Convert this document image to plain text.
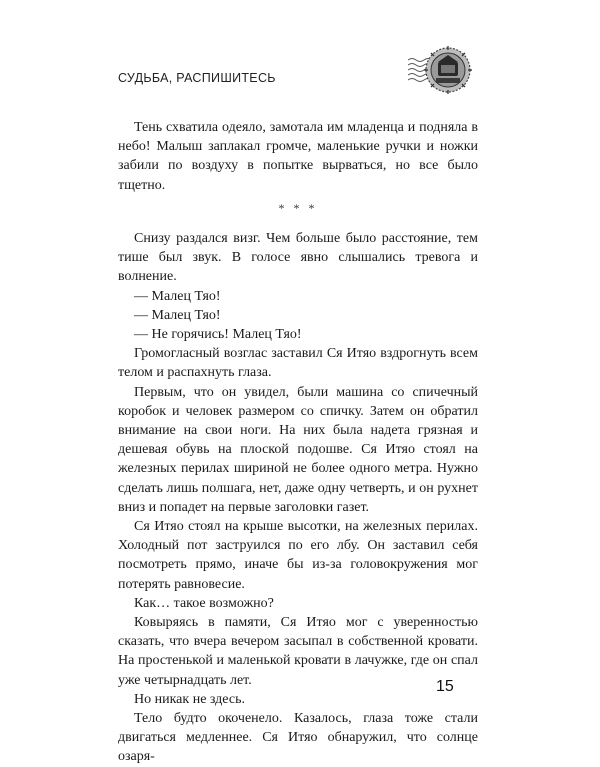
СУДЬБА, РАСПИШИТЕСЬ

Тень схватила одеяло, замотала им младенца и подняла в небо! Малыш заплакал громче, маленькие ручки и ножки забили по воздуху в попытке вырваться, но все было тщетно.

* * *

Снизу раздался визг. Чем больше было расстояние, тем тише был звук. В голосе явно слышались тревога и волнение.

— Малец Тяо!

— Малец Тяо!

— Не горячись! Малец Тяо!

Громогласный возглас заставил Ся Итяо вздрогнуть всем телом и распахнуть глаза.

Первым, что он увидел, были машина со спичечный коробок и человек размером со спичку. Затем он обратил внимание на свои ноги. На них была надета грязная и дешевая обувь на плоской подошве. Ся Итяо стоял на железных перилах шириной не более одного метра. Нужно сделать лишь полшага, нет, даже одну четверть, и он рухнет вниз и попадет на первые заголовки газет.

Ся Итяо стоял на крыше высотки, на железных перилах. Холодный пот заструился по его лбу. Он заставил себя посмотреть прямо, иначе бы из-за головокружения мог потерять равновесие.

Как… такое возможно?

Ковыряясь в памяти, Ся Итяо мог с уверенностью сказать, что вчера вечером засыпал в собственной кровати. На простенькой и маленькой кровати в лачужке, где он спал уже четырнадцать лет.

Но никак не здесь.

Тело будто окоченело. Казалось, глаза тоже стали двигаться медленнее. Ся Итяо обнаружил, что солнце озаря-

15
